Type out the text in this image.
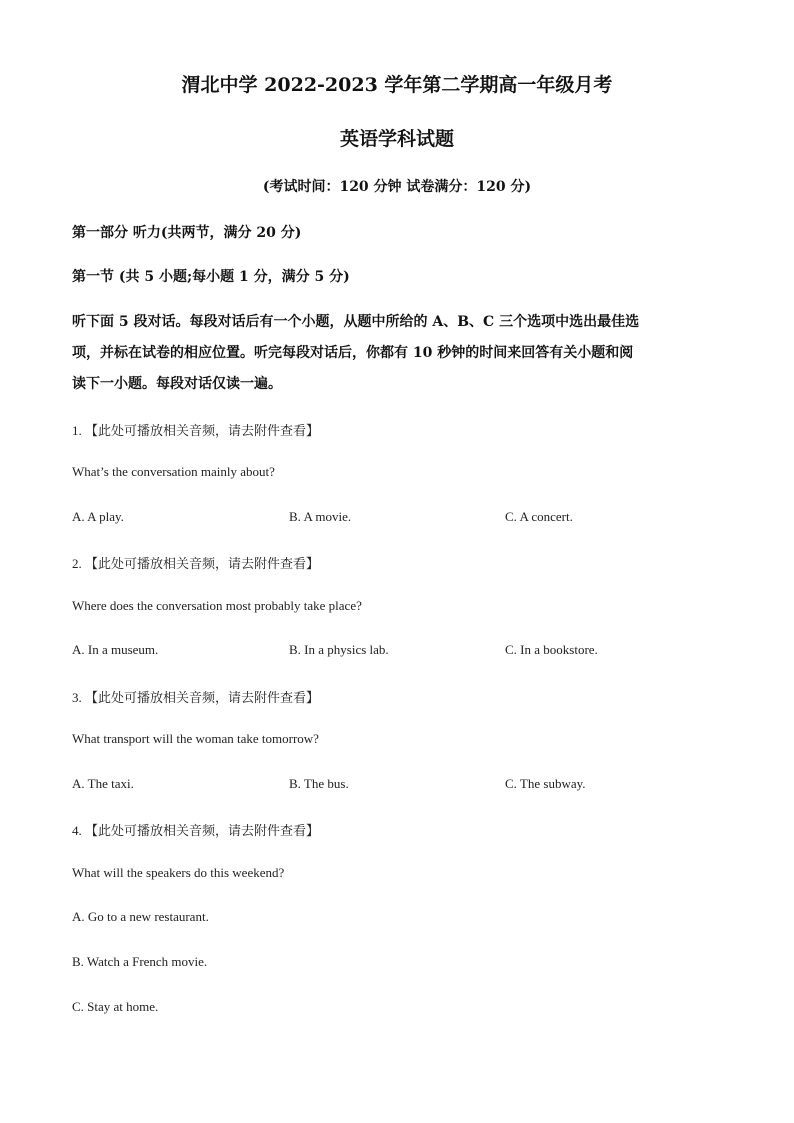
渭北中学 2022-2023 学年第二学期高一年级月考
英语学科试题
(考试时间：120 分钟 试卷满分：120 分)
第一部分 听力(共两节，满分 20 分)
第一节 (共 5 小题;每小题 1 分，满分 5 分)
听下面 5 段对话。每段对话后有一个小题，从题中所给的 A、B、C 三个选项中选出最佳选
项，并标在试卷的相应位置。听完每段对话后，你都有 10 秒钟的时间来回答有关小题和阅
读下一小题。每段对话仅读一遍。
1. 【此处可播放相关音频，请去附件查看】
What’s the conversation mainly about?
A. A play.	B. A movie.	C. A concert.
2. 【此处可播放相关音频，请去附件查看】
Where does the conversation most probably take place?
A. In a museum.	B. In a physics lab.	C. In a bookstore.
3. 【此处可播放相关音频，请去附件查看】
What transport will the woman take tomorrow?
A. The taxi.	B. The bus.	C. The subway.
4. 【此处可播放相关音频，请去附件查看】
What will the speakers do this weekend?
A. Go to a new restaurant.
B. Watch a French movie.
C. Stay at home.
